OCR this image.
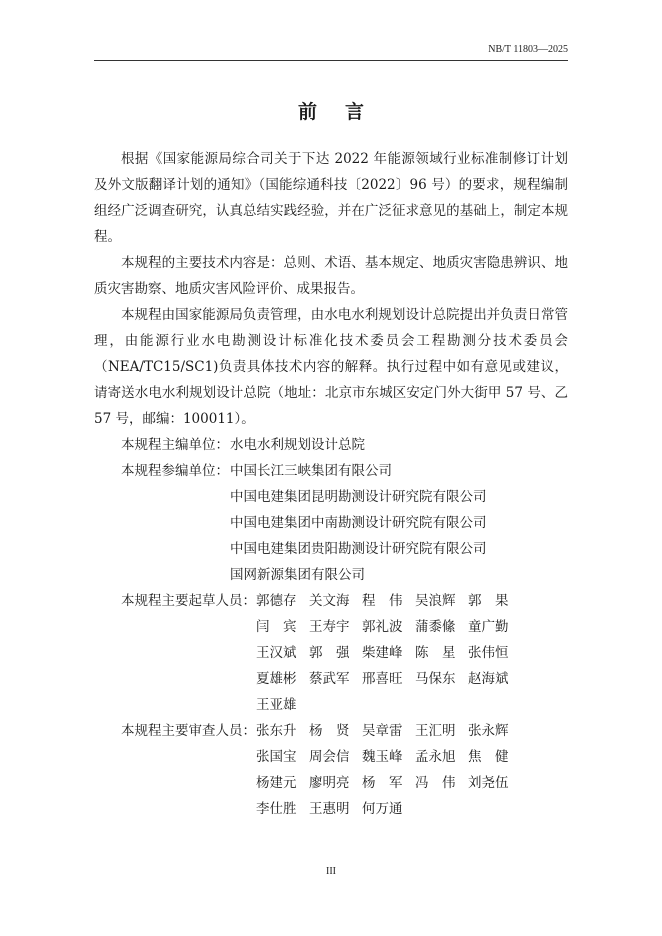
NB/T 11803—2025
前 言

根据《国家能源局综合司关于下达 2022 年能源领域行业标准制修订计划及外文版翻译计划的通知》（国能综通科技〔2022〕96 号）的要求，规程编制组经广泛调查研究，认真总结实践经验，并在广泛征求意见的基础上，制定本规程。

本规程的主要技术内容是：总则、术语、基本规定、地质灾害隐患辨识、地质灾害勘察、地质灾害风险评价、成果报告。

本规程由国家能源局负责管理，由水电水利规划设计总院提出并负责日常管理，由能源行业水电勘测设计标准化技术委员会工程勘测分技术委员会（NEA/TC15/SC1)负责具体技术内容的解释。执行过程中如有意见或建议，请寄送水电水利规划设计总院（地址：北京市东城区安定门外大街甲 57 号、乙 57 号，邮编：100011）。

本规程主编单位： 水电水利规划设计总院
本规程参编单位： 中国长江三峡集团有限公司
中国电建集团昆明勘测设计研究院有限公司
中国电建集团中南勘测设计研究院有限公司
中国电建集团贵阳勘测设计研究院有限公司
国网新源集团有限公司
本规程主要起草人员： 郭德存 关文海 程　伟 吴浪辉 郭　果
闫　宾 王寿宇 郭礼波 蒲黍絛 童广勤
王汉斌 郭　强 柴建峰 陈　星 张伟恒
夏雄彬 蔡武军 邢喜旺 马保东 赵海斌
王亚雄
本规程主要审查人员： 张东升 杨　贤 吴章雷 王汇明 张永辉
张国宝 周会信 魏玉峰 孟永旭 焦　健
杨建元 廖明亮 杨　军 冯　伟 刘尧伍
李仕胜 王惠明 何万通
III
